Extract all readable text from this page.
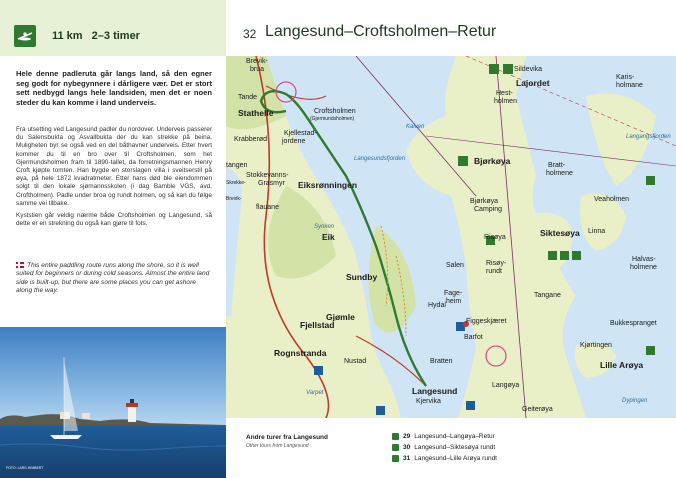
11 km 2–3 timer
Hele denne padleruta går langs land, så den egner seg godt for nybegynnere i dårligere vær. Det er stort sett nedbygd langs hele landsiden, men det er noen steder du kan komme i land underveis.

Fra utsetting ved Langesund padler du nordover. Underveis passerer du Salensbukta og Asvallbukta der du kan strekke på beina. Muligheten byr se også ved en del båthavner underveis. Etter hvert kommer du til en bro over til Croftsholmen, som het Gjermundsholmen fram til 1890-tallet, da forretningsmannen Henry Croft kjøpte tomten. Han bygde en storslagen villa i sveitserstil på øya, på hele 1872 kvadratmeter. Etter hans død ble eiendommen solgt til den lokale sjømannsskolen (i dag Bamble VGS, avd. Croftholmen). Padle under broa og rundt holmen, og så kan du følge samme vei tilbake.

Kyststien går veldig nærme både Croftsholmen og Langesund, så dette er en strekning du også kan gjøre til fots.

This entire paddling route runs along the shore, so it is well suited for beginners or during cold seasons. Almost the entire land side is built-up, but there are some places you can get ashore along the way.
FOTO: LARS HIMBERT
32 Langesund–Croftsholmen–Retur
Brevik-
brua
Tande
Stathelle	Croftsholmen
(Gjermundsholmen)
Kjellestad-
jordene
Krabberød
Stokkevanns-
Grasmyr
flauane
Eiksrønningen
Eik
Sundby
Fjellstad
Gjømle
Rognstranda
Nustad
Langesund
Kjervika
Bratten
Hydal
Salen
Fage-
heim
Figgeskjæret
Barfot
Langøya
Geiterøya
Bjørkøya
Bjørkøya
Camping
Risøya
Risøy-
rundt
Siktesøya
Tangane
Bratt-
holmene
Veaholmen
Linna
Halvas-
holmene
Bukkespranget
Kjørtingen
Lille Arøya
Dypingen
Karis-
holmane
Sildevika
Lajordet
Hest-
holmen
Langangsfjorden
Langesundsfjorden
Kalven
Varpet
Synken
tangen
Skrekke-
Brevik-
Andre turer fra Langesund
Other tours from Langesund
29 Langesund–Langøya–Retur
30 Langesund–Siktesøya rundt
31 Langesund–Lille Arøya rundt
